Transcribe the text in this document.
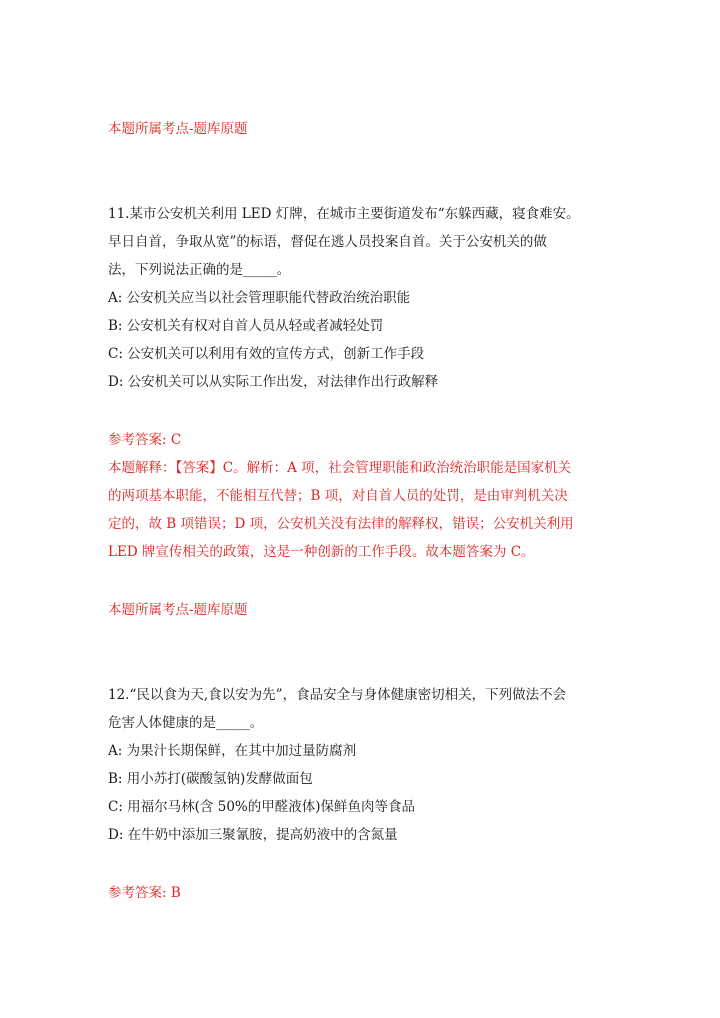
本题所属考点-题库原题
11.某市公安机关利用 LED 灯牌，在城市主要街道发布“东躲西藏，寝食难安。
早日自首，争取从宽”的标语，督促在逃人员投案自首。关于公安机关的做
法，下列说法正确的是_____。
A: 公安机关应当以社会管理职能代替政治统治职能
B: 公安机关有权对自首人员从轻或者减轻处罚
C: 公安机关可以利用有效的宣传方式，创新工作手段
D: 公安机关可以从实际工作出发，对法律作出行政解释
参考答案: C
本题解释：【答案】C。解析：A 项，社会管理职能和政治统治职能是国家机关
的两项基本职能，不能相互代替；B 项，对自首人员的处罚，是由审判机关决
定的，故 B 项错误；D 项，公安机关没有法律的解释权，错误；公安机关利用
LED 牌宣传相关的政策，这是一种创新的工作手段。故本题答案为 C。
本题所属考点-题库原题
12.“民以食为天,食以安为先”，食品安全与身体健康密切相关，下列做法不会
危害人体健康的是_____。
A: 为果汁长期保鲜，在其中加过量防腐剂
B: 用小苏打(碳酸氢钠)发酵做面包
C: 用福尔马林(含 50%的甲醛液体)保鲜鱼肉等食品
D: 在牛奶中添加三聚氰胺，提高奶液中的含氮量
参考答案: B
